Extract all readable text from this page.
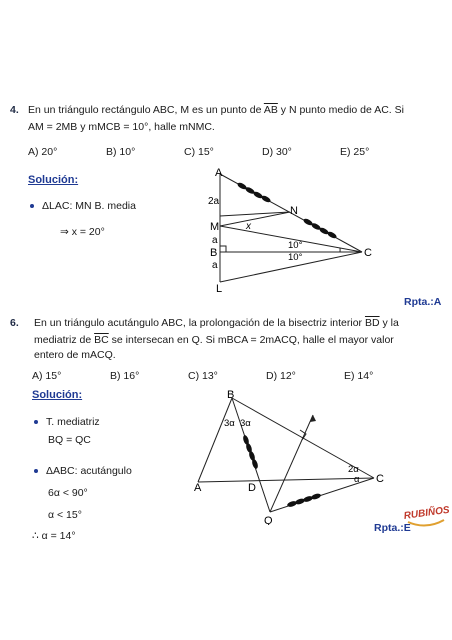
4. En un triángulo rectángulo ABC, M es un punto de $\overline{AB}$ y N punto medio de AC. Si
AM = 2MB y mMCB = 10°, halle mNMC.
A) 20°	B) 10°	C) 15°	D) 30°	E) 25°
Solución:
ΔLAC: MN B. media
⇒ x = 20°
A
2a
N
M	x
a
B
a
C
L
10°
10°
Rpta.:A
6. En un triángulo acutángulo ABC, la prolongación de la bisectriz interior $\overline{BD}$ y la
mediatriz de $\overline{BC}$ se intersecan en Q. Si mBCA = 2mACQ, halle el mayor valor
entero de mACQ.
A) 15°	B) 16°	C) 13°	D) 12°	E) 14°
Solución:
T. mediatriz
BQ = QC
ΔABC: acutángulo
6α < 90°
α < 15°
∴ α = 14°
B
3α 3α
2α
α
A	D
C
Q
Rpta.:E
RUBIÑOS
